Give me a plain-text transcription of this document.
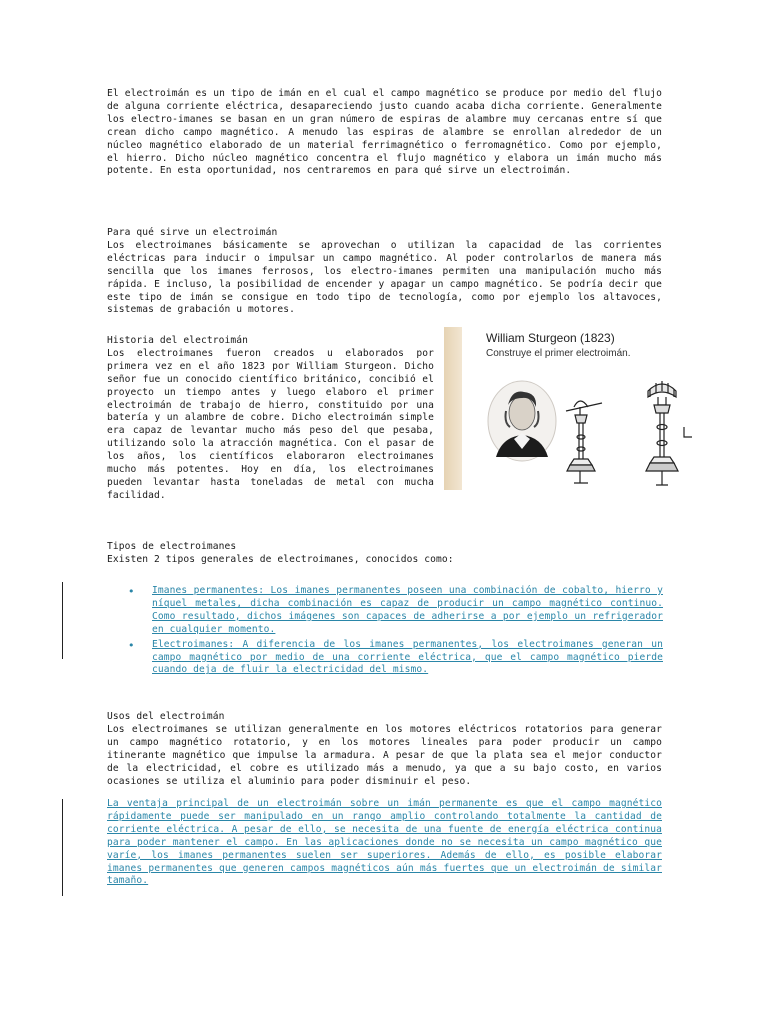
El electroimán es un tipo de imán en el cual el campo magnético se produce por medio del flujo de alguna corriente eléctrica, desapareciendo justo cuando acaba dicha corriente. Generalmente los electro-imanes se basan en un gran número de espiras de alambre muy cercanas entre sí que crean dicho campo magnético. A menudo las espiras de alambre se enrollan alrededor de un núcleo magnético elaborado de un material ferrimagnético o ferromagnético. Como por ejemplo, el hierro. Dicho núcleo magnético concentra el flujo magnético y elabora un imán mucho más potente. En esta oportunidad, nos centraremos en para qué sirve un electroimán.

Para qué sirve un electroimán
Los electroimanes básicamente se aprovechan o utilizan la capacidad de las corrientes eléctricas para inducir o impulsar un campo magnético. Al poder controlarlos de manera más sencilla que los imanes ferrosos, los electro-imanes permiten una manipulación mucho más rápida. E incluso, la posibilidad de encender y apagar un campo magnético. Se podría decir que este tipo de imán se consigue en todo tipo de tecnología, como por ejemplo los altavoces, sistemas de grabación u motores.
Historia del electroimán
Los electroimanes fueron creados u elaborados por primera vez en el año 1823 por William Sturgeon. Dicho señor fue un conocido científico británico, concibió el proyecto un tiempo antes y luego elaboro el primer electroimán de trabajo de hierro, constituido por una batería y un alambre de cobre. Dicho electroimán simple era capaz de levantar mucho más peso del que pesaba, utilizando solo la atracción magnética. Con el pasar de los años, los científicos elaboraron electroimanes mucho más potentes. Hoy en día, los electroimanes pueden levantar hasta toneladas de metal con mucha facilidad.
William Sturgeon (1823)
Construye el primer electroimán.
Tipos de electroimanes
Existen 2 tipos generales de electroimanes, conocidos como:
• Imanes permanentes: Los imanes permanentes poseen una combinación de cobalto, hierro y níquel metales, dicha combinación es capaz de producir un campo magnético continuo. Como resultado, dichos imágenes son capaces de adherirse a por ejemplo un refrigerador en cualquier momento.
• Electroimanes: A diferencia de los imanes permanentes, los electroimanes generan un campo magnético por medio de una corriente eléctrica, que el campo magnético pierde cuando deja de fluir la electricidad del mismo.
Usos del electroimán
Los electroimanes se utilizan generalmente en los motores eléctricos rotatorios para generar un campo magnético rotatorio, y en los motores lineales para poder producir un campo itinerante magnético que impulse la armadura. A pesar de que la plata sea el mejor conductor de la electricidad, el cobre es utilizado más a menudo, ya que a su bajo costo, en varios ocasiones se utiliza el aluminio para poder disminuir el peso.

La ventaja principal de un electroimán sobre un imán permanente es que el campo magnético rápidamente puede ser manipulado en un rango amplio controlando totalmente la cantidad de corriente eléctrica. A pesar de ello, se necesita de una fuente de energía eléctrica continua para poder mantener el campo. En las aplicaciones donde no se necesita un campo magnético que varíe, los imanes permanentes suelen ser superiores. Además de ello, es posible elaborar imanes permanentes que generen campos magnéticos aún más fuertes que un electroimán de similar tamaño.
